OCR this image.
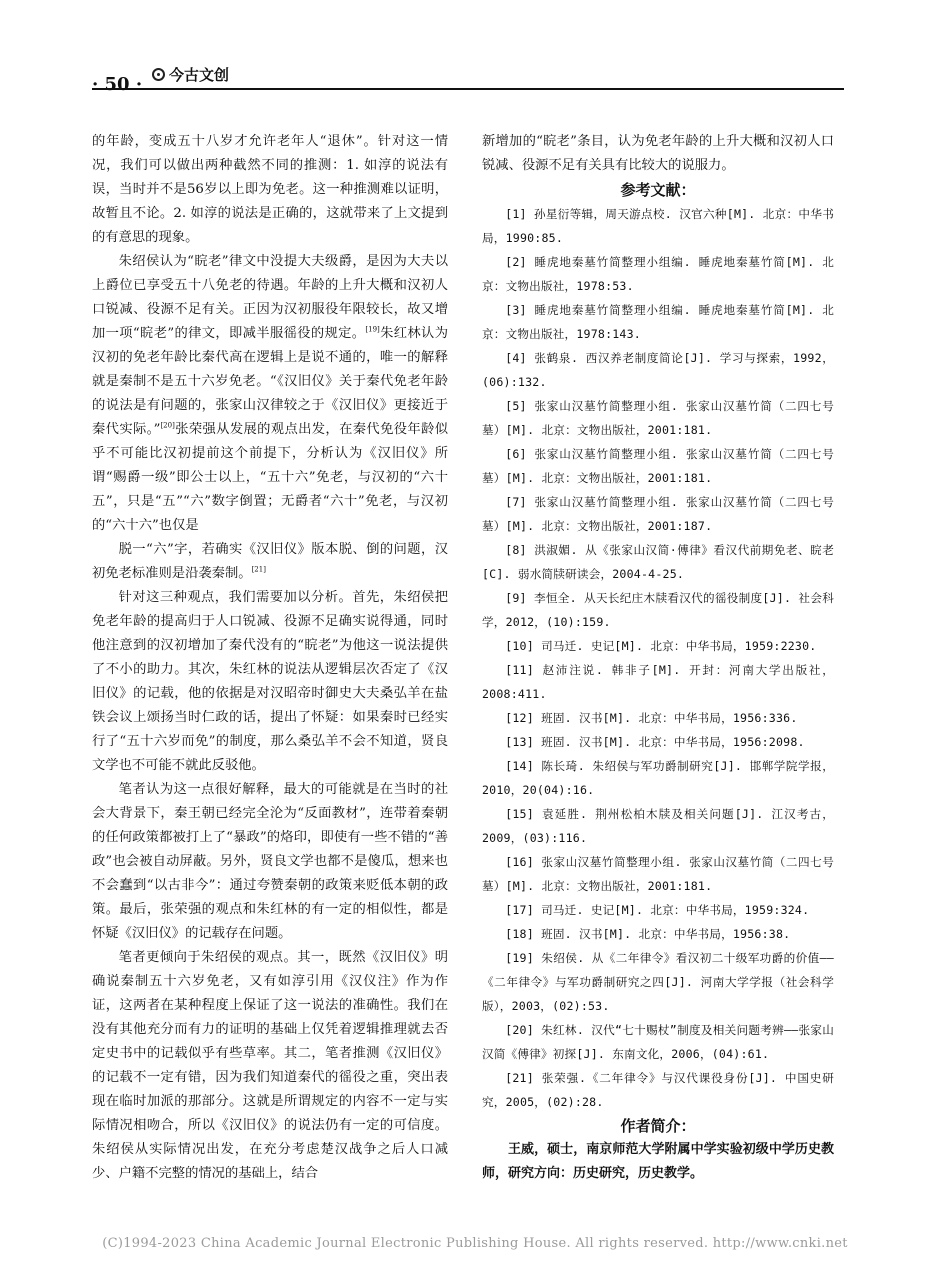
· 50 · 今古文创

的年龄，变成五十八岁才允许老年人“退休”。针对这一情况，我们可以做出两种截然不同的推测：1. 如淳的说法有误，当时并不是56岁以上即为免老。这一种推测难以证明，故暂且不论。2. 如淳的说法是正确的，这就带来了上文提到的有意思的现象。

朱绍侯认为“睆老”律文中没提大夫级爵，是因为大夫以上爵位已享受五十八免老的待遇。年龄的上升大概和汉初人口锐减、役源不足有关。正因为汉初服役年限较长，故又增加一项“睆老”的律文，即减半服徭役的规定。[19]朱红林认为汉初的免老年龄比秦代高在逻辑上是说不通的，唯一的解释就是秦制不是五十六岁免老。“《汉旧仪》关于秦代免老年龄的说法是有问题的，张家山汉律较之于《汉旧仪》更接近于秦代实际。”[20]张荣强从发展的观点出发，在秦代免役年龄似乎不可能比汉初提前这个前提下，分析认为《汉旧仪》所谓“赐爵一级”即公士以上，“五十六”免老，与汉初的“六十五”，只是“五”“六”数字倒置；无爵者“六十”免老，与汉初的“六十六”也仅是

脱一“六”字，若确实《汉旧仪》版本脱、倒的问题，汉初免老标准则是沿袭秦制。[21]

针对这三种观点，我们需要加以分析。首先，朱绍侯把免老年龄的提高归于人口锐减、役源不足确实说得通，同时他注意到的汉初增加了秦代没有的“睆老”为他这一说法提供了不小的助力。其次，朱红林的说法从逻辑层次否定了《汉旧仪》的记载，他的依据是对汉昭帝时御史大夫桑弘羊在盐铁会议上颂扬当时仁政的话，提出了怀疑：如果秦时已经实行了“五十六岁而免”的制度，那么桑弘羊不会不知道，贤良文学也不可能不就此反驳他。

笔者认为这一点很好解释，最大的可能就是在当时的社会大背景下，秦王朝已经完全沦为“反面教材”，连带着秦朝的任何政策都被打上了“暴政”的烙印，即使有一些不错的“善政”也会被自动屏蔽。另外，贤良文学也都不是傻瓜，想来也不会蠢到“以古非今”：通过夸赞秦朝的政策来贬低本朝的政策。最后，张荣强的观点和朱红林的有一定的相似性，都是怀疑《汉旧仪》的记载存在问题。

笔者更倾向于朱绍侯的观点。其一，既然《汉旧仪》明确说秦制五十六岁免老，又有如淳引用《汉仪注》作为作证，这两者在某种程度上保证了这一说法的准确性。我们在没有其他充分而有力的证明的基础上仅凭着逻辑推理就去否定史书中的记载似乎有些草率。其二，笔者推测《汉旧仪》的记载不一定有错，因为我们知道秦代的徭役之重，突出表现在临时加派的那部分。这就是所谓规定的内容不一定与实际情况相吻合，所以《汉旧仪》的说法仍有一定的可信度。朱绍侯从实际情况出发，在充分考虑楚汉战争之后人口减少、户籍不完整的情况的基础上，结合

新增加的“睆老”条目，认为免老年龄的上升大概和汉初人口锐减、役源不足有关具有比较大的说服力。

参考文献：

[1] 孙星衍等辑，周天游点校. 汉官六种[M]. 北京：中华书局，1990:85.

[2] 睡虎地秦墓竹简整理小组编. 睡虎地秦墓竹简[M]. 北京：文物出版社，1978:53.

[3] 睡虎地秦墓竹简整理小组编. 睡虎地秦墓竹简[M]. 北京：文物出版社，1978:143.

[4] 张鹤泉. 西汉养老制度简论[J]. 学习与探索，1992，(06):132.

[5] 张家山汉墓竹简整理小组. 张家山汉墓竹简（二四七号墓）[M]. 北京：文物出版社，2001:181.

[6] 张家山汉墓竹简整理小组. 张家山汉墓竹简（二四七号墓）[M]. 北京：文物出版社，2001:181.

[7] 张家山汉墓竹简整理小组. 张家山汉墓竹简（二四七号墓）[M]. 北京：文物出版社，2001:187.

[8] 洪淑媚. 从《张家山汉简·傅律》看汉代前期免老、睆老[C]. 弱水简牍研读会，2004-4-25.

[9] 李恒全. 从天长纪庄木牍看汉代的徭役制度[J]. 社会科学，2012，(10):159.

[10] 司马迁. 史记[M]. 北京：中华书局，1959:2230.

[11] 赵沛注说. 韩非子[M]. 开封：河南大学出版社，2008:411.

[12] 班固. 汉书[M]. 北京：中华书局，1956:336.

[13] 班固. 汉书[M]. 北京：中华书局，1956:2098.

[14] 陈长琦. 朱绍侯与军功爵制研究[J]. 邯郸学院学报，2010，20(04):16.

[15] 袁延胜. 荆州松柏木牍及相关问题[J]. 江汉考古，2009，(03):116.

[16] 张家山汉墓竹简整理小组. 张家山汉墓竹简（二四七号墓）[M]. 北京：文物出版社，2001:181.

[17] 司马迁. 史记[M]. 北京：中华书局，1959:324.

[18] 班固. 汉书[M]. 北京：中华书局，1956:38.

[19] 朱绍侯. 从《二年律令》看汉初二十级军功爵的价值——《二年律令》与军功爵制研究之四[J]. 河南大学学报（社会科学版），2003，(02):53.

[20] 朱红林. 汉代“七十赐杖”制度及相关问题考辨——张家山汉简《傅律》初探[J]. 东南文化，2006，(04):61.

[21] 张荣强.《二年律令》与汉代课役身份[J]. 中国史研究，2005，(02):28.

作者简介：

王威，硕士，南京师范大学附属中学实验初级中学历史教师，研究方向：历史研究，历史教学。

(C)1994-2023 China Academic Journal Electronic Publishing House. All rights reserved. http://www.cnki.net
